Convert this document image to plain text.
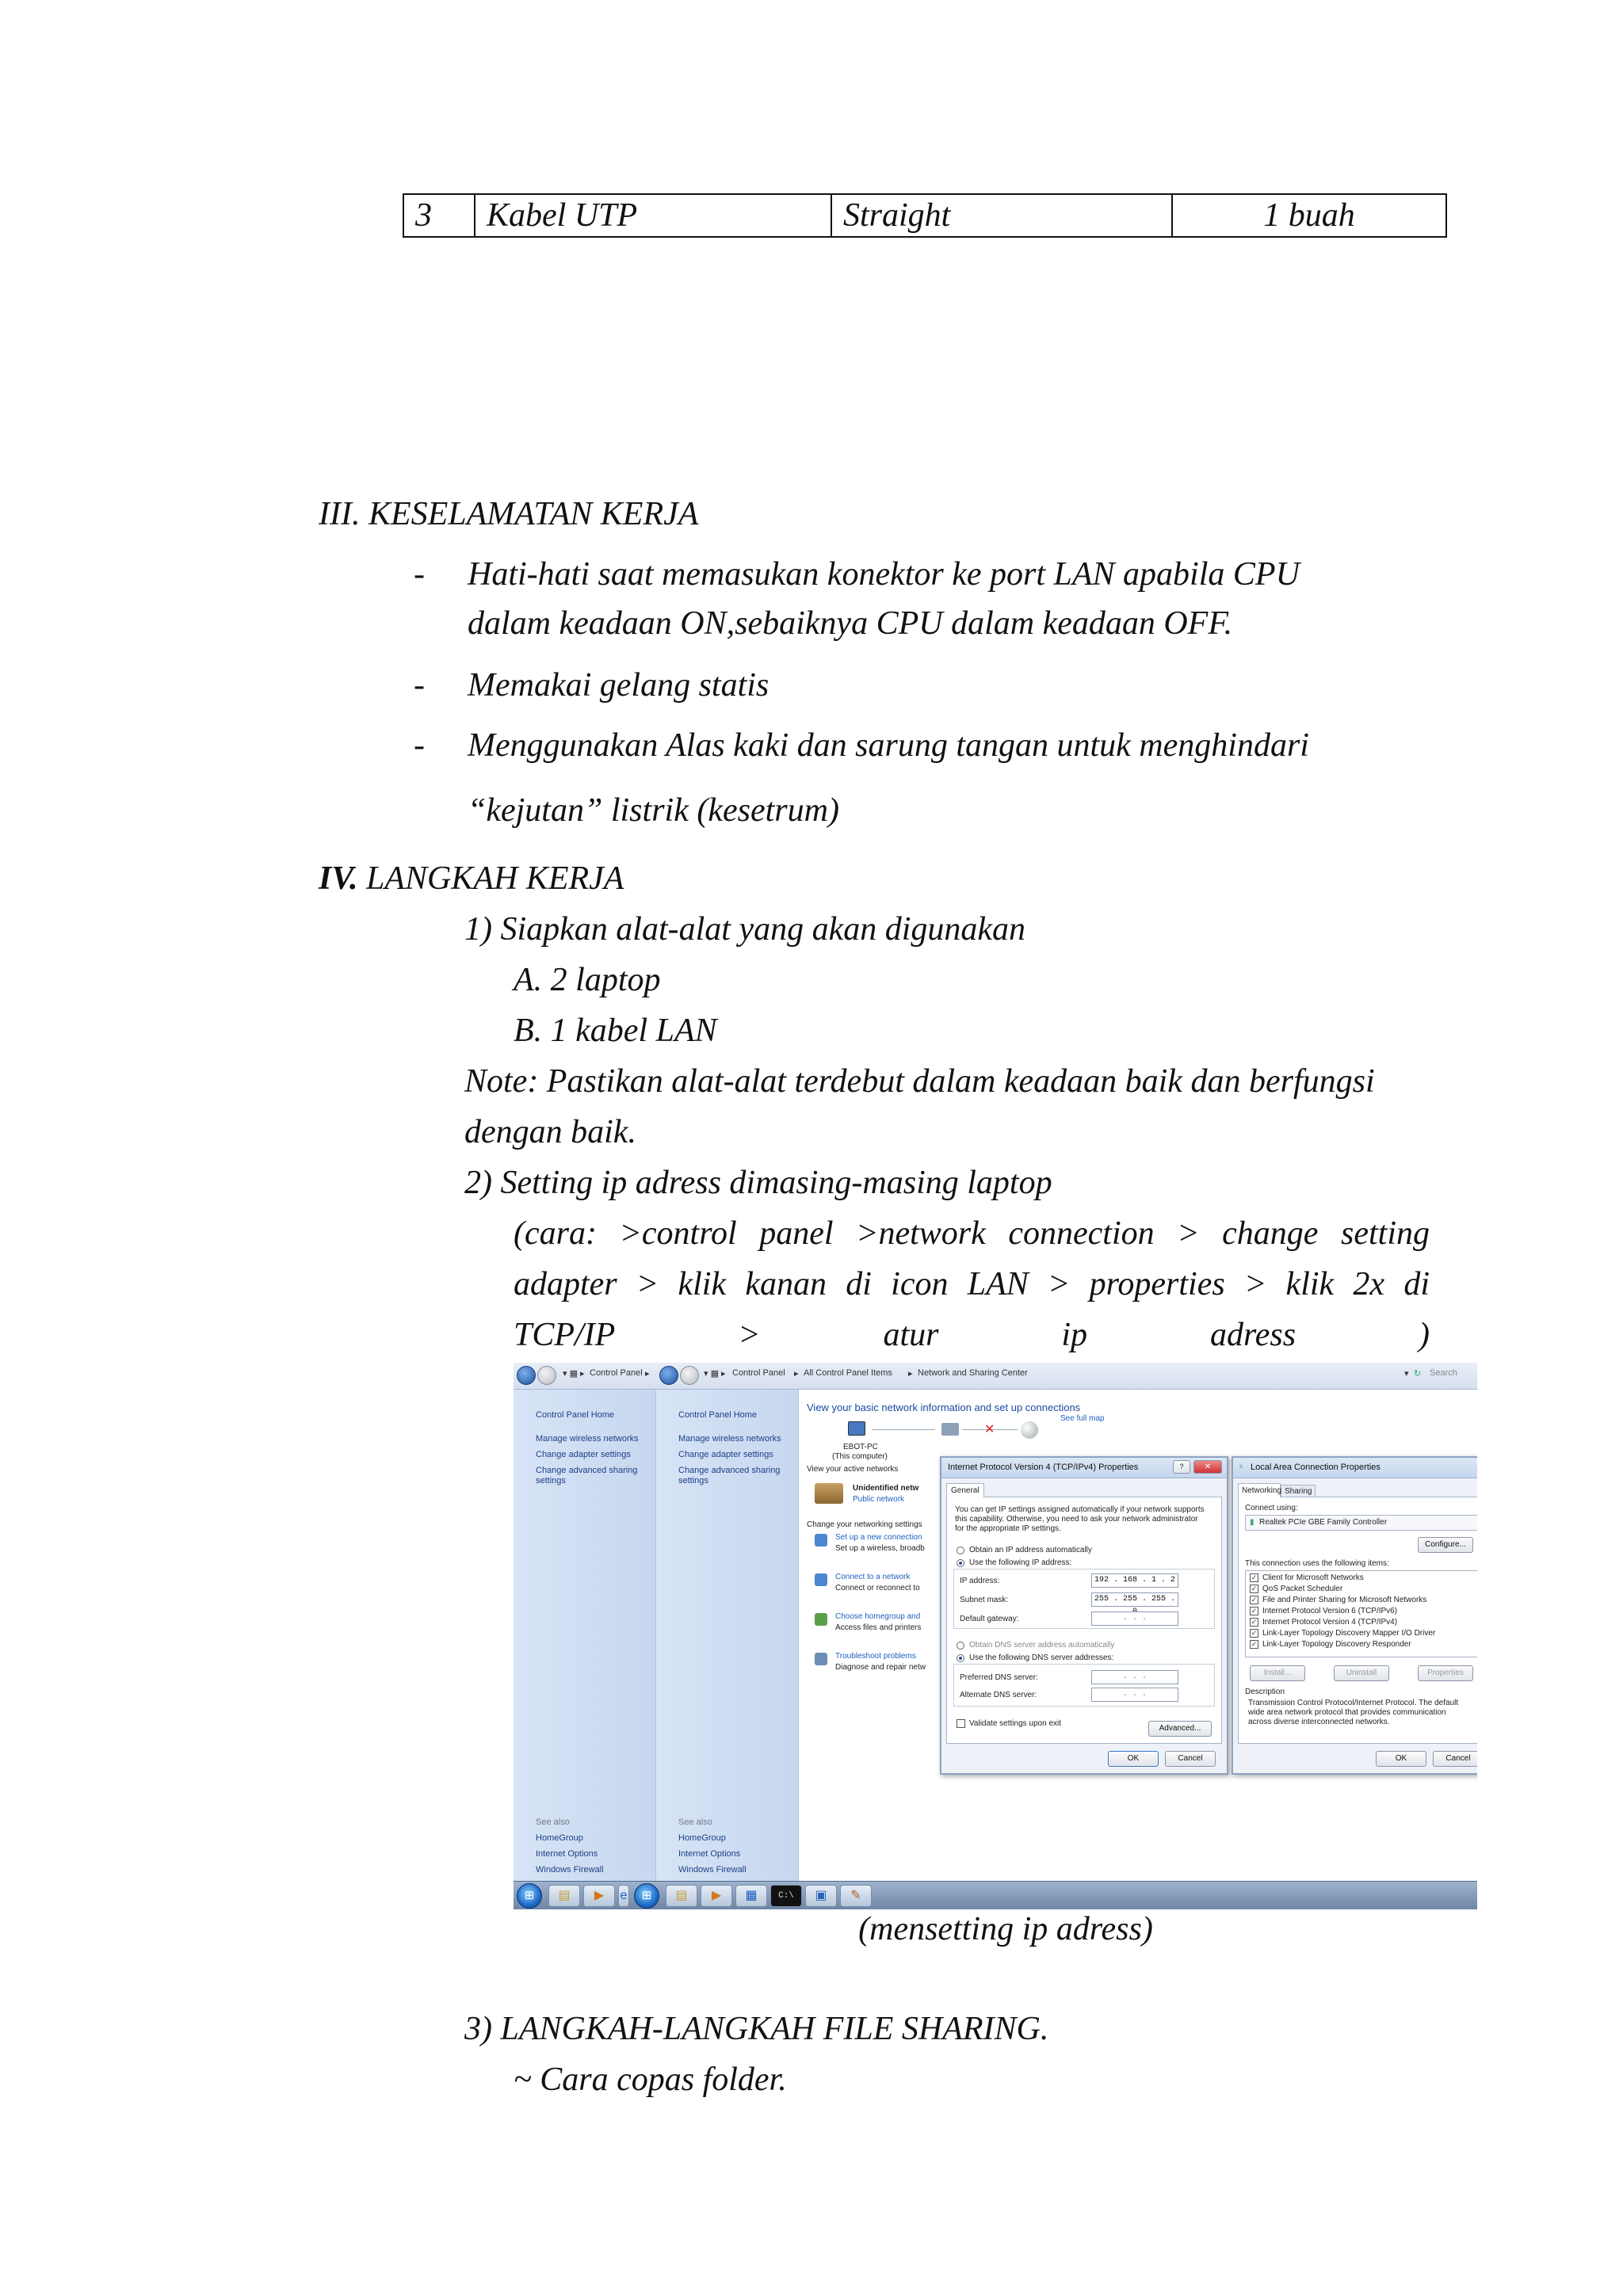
3	Kabel UTP	Straight	1 buah
III. KESELAMATAN KERJA
- Hati-hati saat memasukan konektor ke port LAN apabila CPU
dalam keadaan ON,sebaiknya CPU dalam keadaan OFF.
- Memakai gelang statis
- Menggunakan Alas kaki dan sarung tangan untuk menghindari
“kejutan” listrik (kesetrum)
IV. LANGKAH KERJA
1) Siapkan alat-alat yang akan digunakan
A. 2 laptop
B. 1 kabel LAN
Note: Pastikan alat-alat terdebut dalam keadaan baik dan berfungsi
dengan baik.
2) Setting ip adress dimasing-masing laptop
(cara: >control panel >network connection > change setting
adapter > klik kanan di icon LAN > properties > klik 2x di
TCP/IP	>	atur	ip	adress	)
▾ ▦ ▸ Control Panel ▸	▾ ▦ ▸ Control Panel ▸ All Control Panel Items ▸ Network and Sharing Center	▾ ↻ Search
Control Panel Home
Manage wireless networks
Change adapter settings
Change advanced sharing settings
See also
HomeGroup
Internet Options
Windows Firewall
Control Panel Home
Manage wireless networks
Change adapter settings
Change advanced sharing settings
See also
HomeGroup
Internet Options
Windows Firewall
View your basic network information and set up connections
✕
See full map
EBOT-PC
(This computer)
View your active networks
Unidentified netw
Public network
Change your networking settings
Set up a new connection
Set up a wireless, broadb
Connect to a network
Connect or reconnect to
Choose homegroup and
Access files and printers
Troubleshoot problems
Diagnose and repair netw
Internet Protocol Version 4 (TCP/IPv4) Properties	?	✕
General
You can get IP settings assigned automatically if your network supports
this capability. Otherwise, you need to ask your network administrator
for the appropriate IP settings.
Obtain an IP address automatically
Use the following IP address:
IP address:	192 . 168 . 1 . 2
Subnet mask:	255 . 255 . 255 .
Default gateway:	. . .
Obtain DNS server address automatically
Use the following DNS server addresses:
Preferred DNS server:	. . .
Alternate DNS server:	. . .
Validate settings upon exit
Advanced...
OK	Cancel
⚡ Local Area Connection Properties
Networking Sharing
Connect using:
▮ Realtek PCIe GBE Family Controller
Configure...
This connection uses the following items:
✓ Client for Microsoft Networks
✓ QoS Packet Scheduler
✓ File and Printer Sharing for Microsoft Networks
✓ Internet Protocol Version 6 (TCP/IPv6)
✓ Internet Protocol Version 4 (TCP/IPv4)
✓ Link-Layer Topology Discovery Mapper I/O Driver
✓ Link-Layer Topology Discovery Responder
Install...	Uninstall	Properties
Description
Transmission Control Protocol/Internet Protocol. The default
wide area network protocol that provides communication
across diverse interconnected networks.
OK	Cancel
⊞	▤	▶	e	⊞	▤	▶	▦	C:\	▣	✎
(mensetting ip adress)
3) LANGKAH-LANGKAH FILE SHARING.
~ Cara copas folder.
